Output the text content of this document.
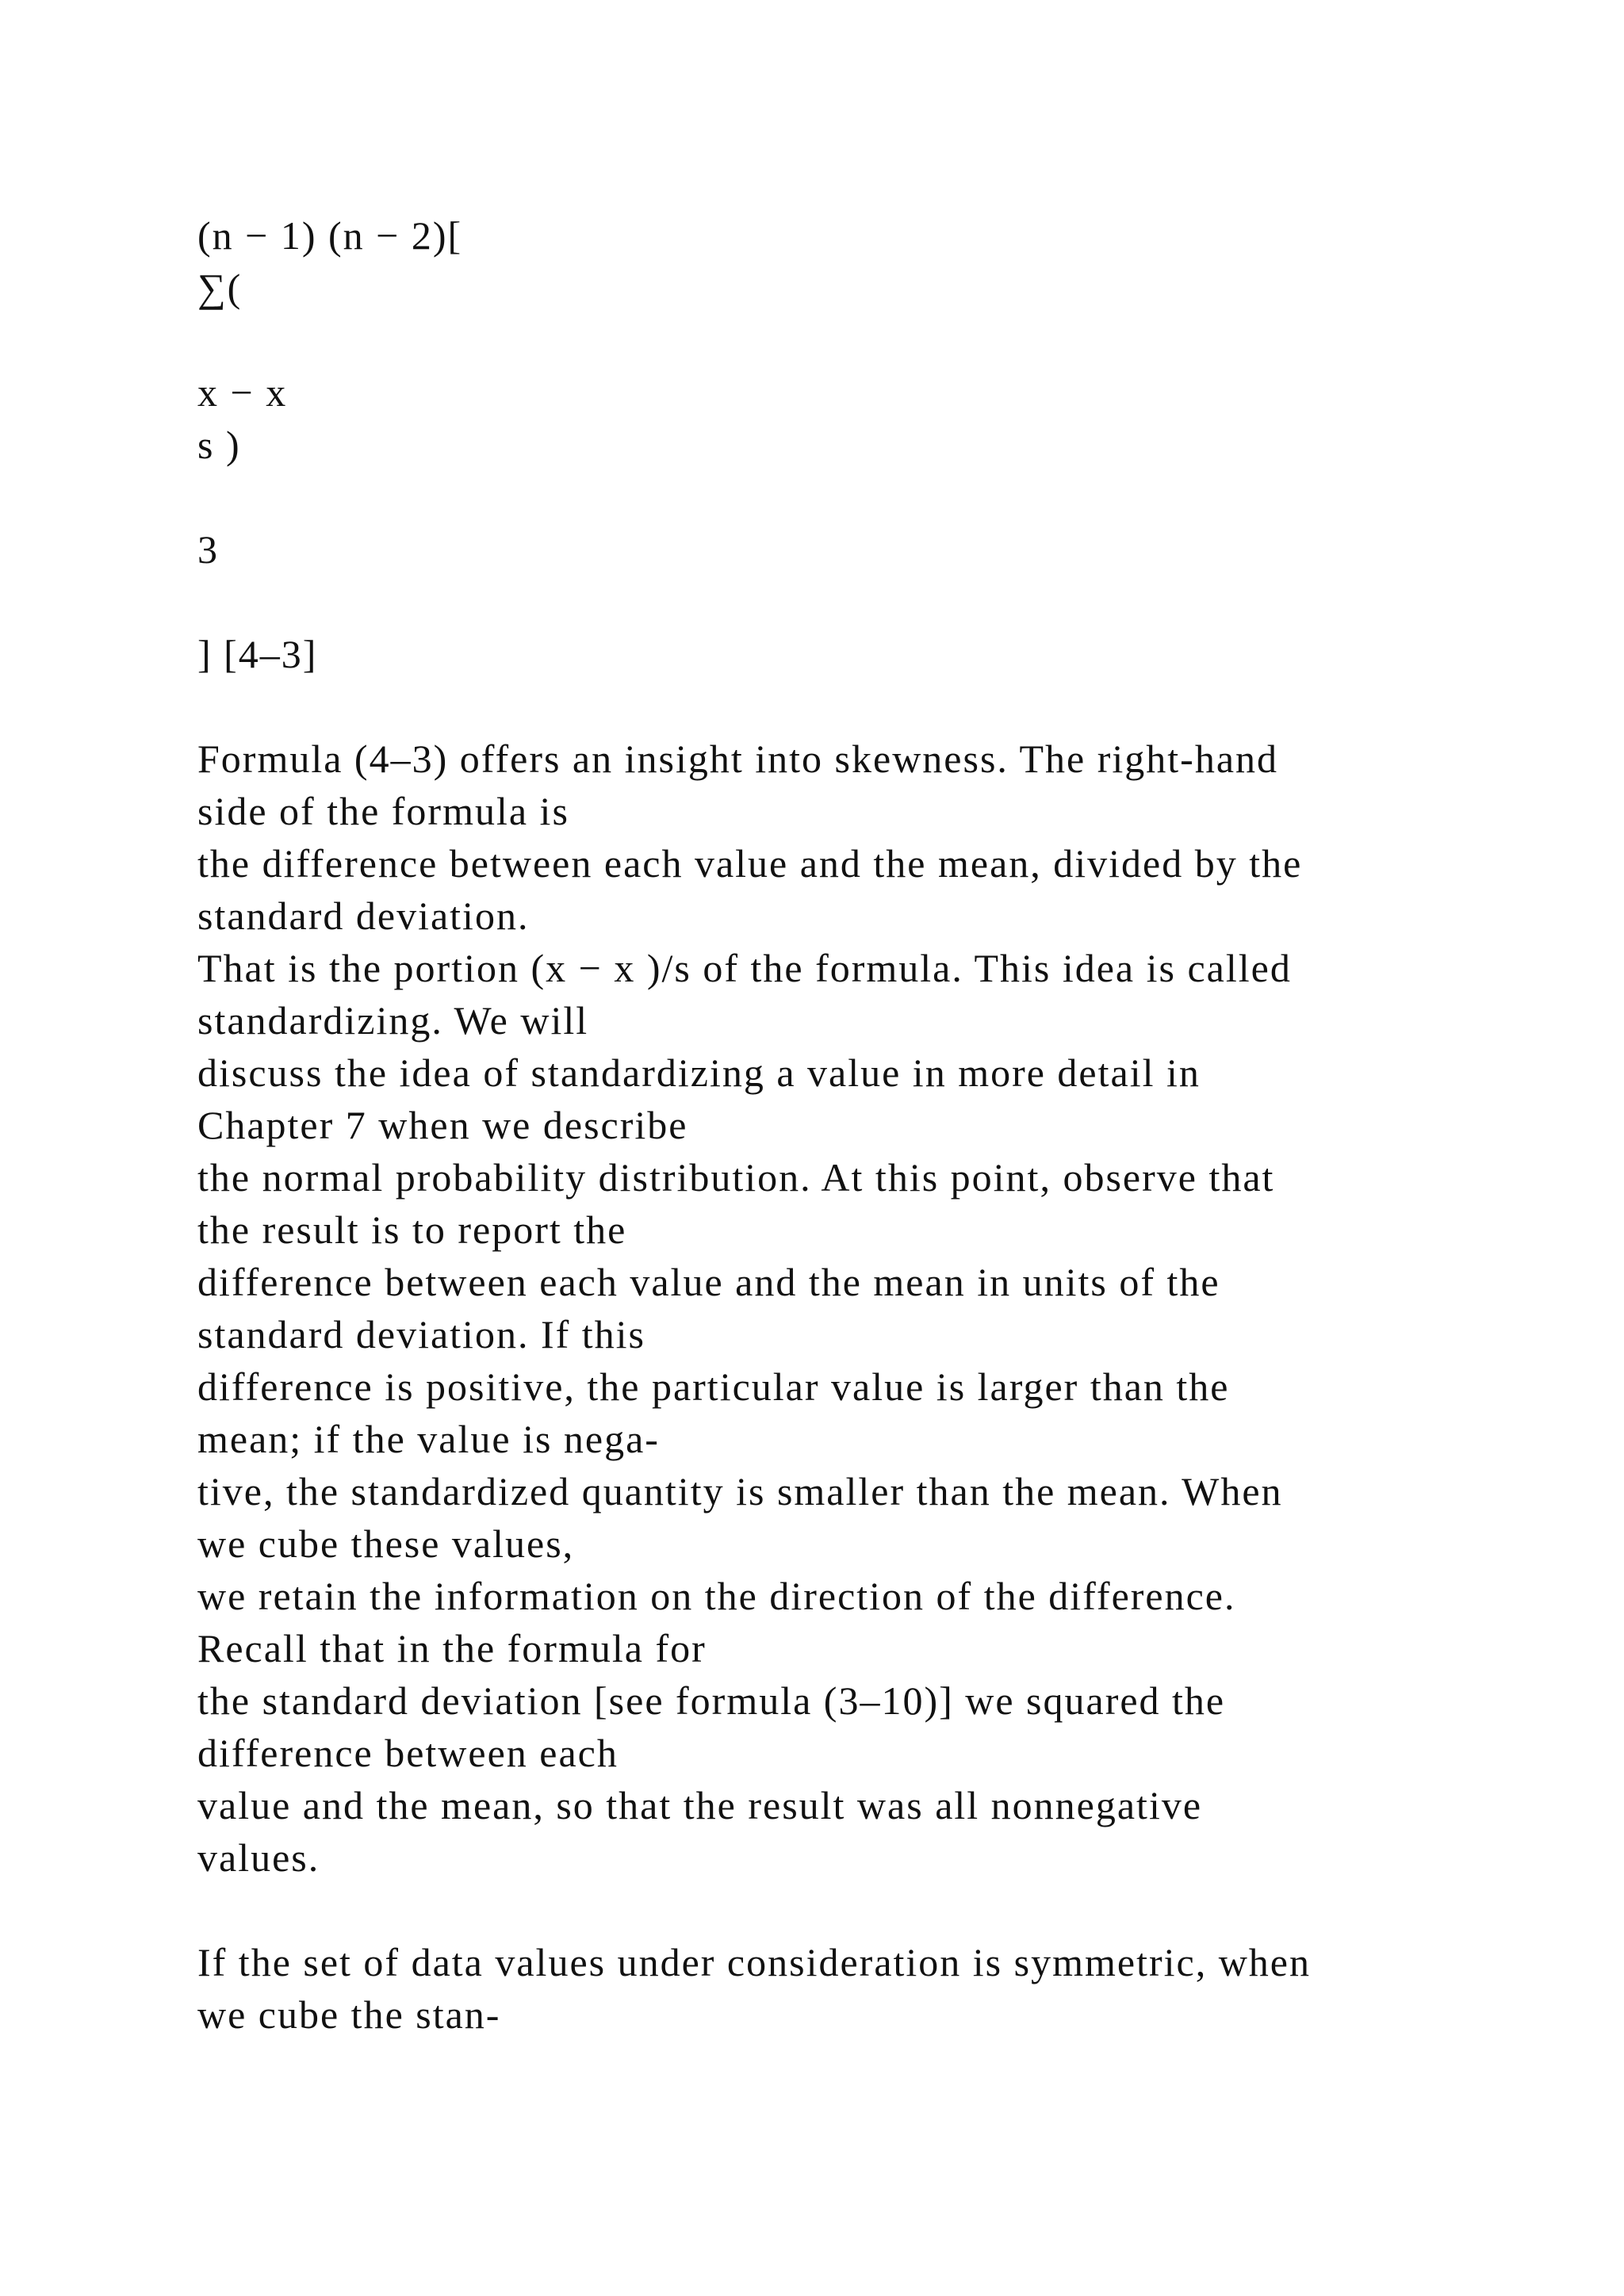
(n − 1) (n − 2)[
∑(
x − x
s )
3
] [4–3]
Formula (4–3) offers an insight into skewness. The right-hand
side of the formula is
the difference between each value and the mean, divided by the
standard deviation.
That is the portion (x − x )/s of the formula. This idea is called
standardizing. We will
discuss the idea of standardizing a value in more detail in
Chapter 7 when we describe
the normal probability distribution. At this point, observe that
the result is to report the
difference between each value and the mean in units of the
standard deviation. If this
difference is positive, the particular value is larger than the
mean; if the value is nega-
tive, the standardized quantity is smaller than the mean. When
we cube these values,
we retain the information on the direction of the difference.
Recall that in the formula for
the standard deviation [see formula (3–10)] we squared the
difference between each
value and the mean, so that the result was all nonnegative
values.
If the set of data values under consideration is symmetric, when
we cube the stan-
